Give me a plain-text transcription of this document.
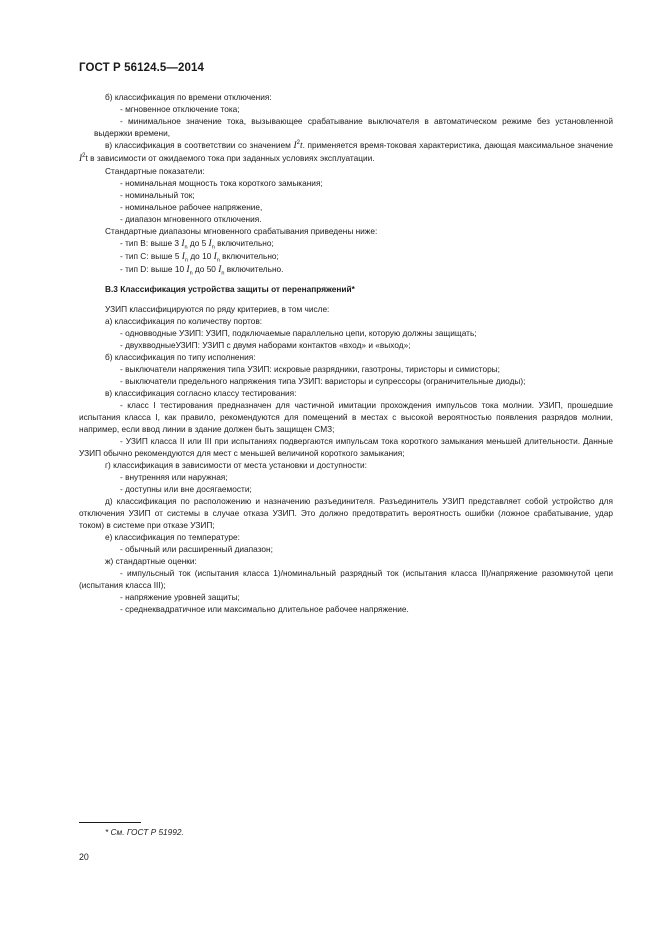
ГОСТ Р 56124.5—2014

б) классификация по времени отключения:

- мгновенное отключение тока;

- минимальное значение тока, вызывающее срабатывание выключателя в автоматическом режиме без установленной выдержки времени,

в) классификация в соответствии со значением $I^2t$. применяется время-токовая характеристика, дающая максимальное значение $I^2t$ в зависимости от ожидаемого тока при заданных условиях эксплуатации.

Стандартные показатели:

- номинальная мощность тока короткого замыкания;

- номинальный ток;

- номинальное рабочее напряжение,

- диапазон мгновенного отключения.

Стандартные диапазоны мгновенного срабатывания приведены ниже:

- тип В: выше 3 $I_n$ до 5 $I_n$ включительно;

- тип С: выше 5 $I_n$ до 10 $I_n$ включительно;

- тип D: выше 10 $I_n$ до 50 $I_n$ включительно.

В.3 Классификация устройства защиты от перенапряжений*

УЗИП классифицируются по ряду критериев, в том числе:

а) классификация по количеству портов:

- одновводные УЗИП: УЗИП, подключаемые параллельно цепи, которую должны защищать;

- двухвводныеУЗИП: УЗИП с двумя наборами контактов «вход» и «выход»;

б) классификация по типу исполнения:

- выключатели напряжения типа УЗИП: искровые разрядники, газотроны, тиристоры и симисторы;

- выключатели предельного напряжения типа УЗИП: варисторы и супрессоры (ограничительные диоды);

в) классификация согласно классу тестирования:

- класс I тестирования предназначен для частичной имитации прохождения импульсов тока молнии. УЗИП, прошедшие испытания класса I, как правило, рекомендуются для помещений в местах с высокой вероятностью появления разрядов молнии, например, если ввод линии в здание должен быть защищен СМЗ;

- УЗИП класса II или III при испытаниях подвергаются импульсам тока короткого замыкания меньшей длительности. Данные УЗИП обычно рекомендуются для мест с меньшей величиной короткого замыкания;

г) классификация в зависимости от места установки и доступности:

- внутренняя или наружная;

- доступны или вне досягаемости;

д) классификация по расположению и назначению разъединителя. Разъединитель УЗИП представляет собой устройство для отключения УЗИП от системы в случае отказа УЗИП. Это должно предотвратить вероятность ошибки (ложное срабатывание, удар током) в системе при отказе УЗИП;

е) классификация по температуре:

- обычный или расширенный диапазон;

ж) стандартные оценки:

- импульсный ток (испытания класса 1)/номинальный разрядный ток (испытания класса II)/напряжение разомкнутой цепи (испытания класса III);

- напряжение уровней защиты;

- среднеквадратичное или максимально длительное рабочее напряжение.

* См. ГОСТ Р 51992.
20
